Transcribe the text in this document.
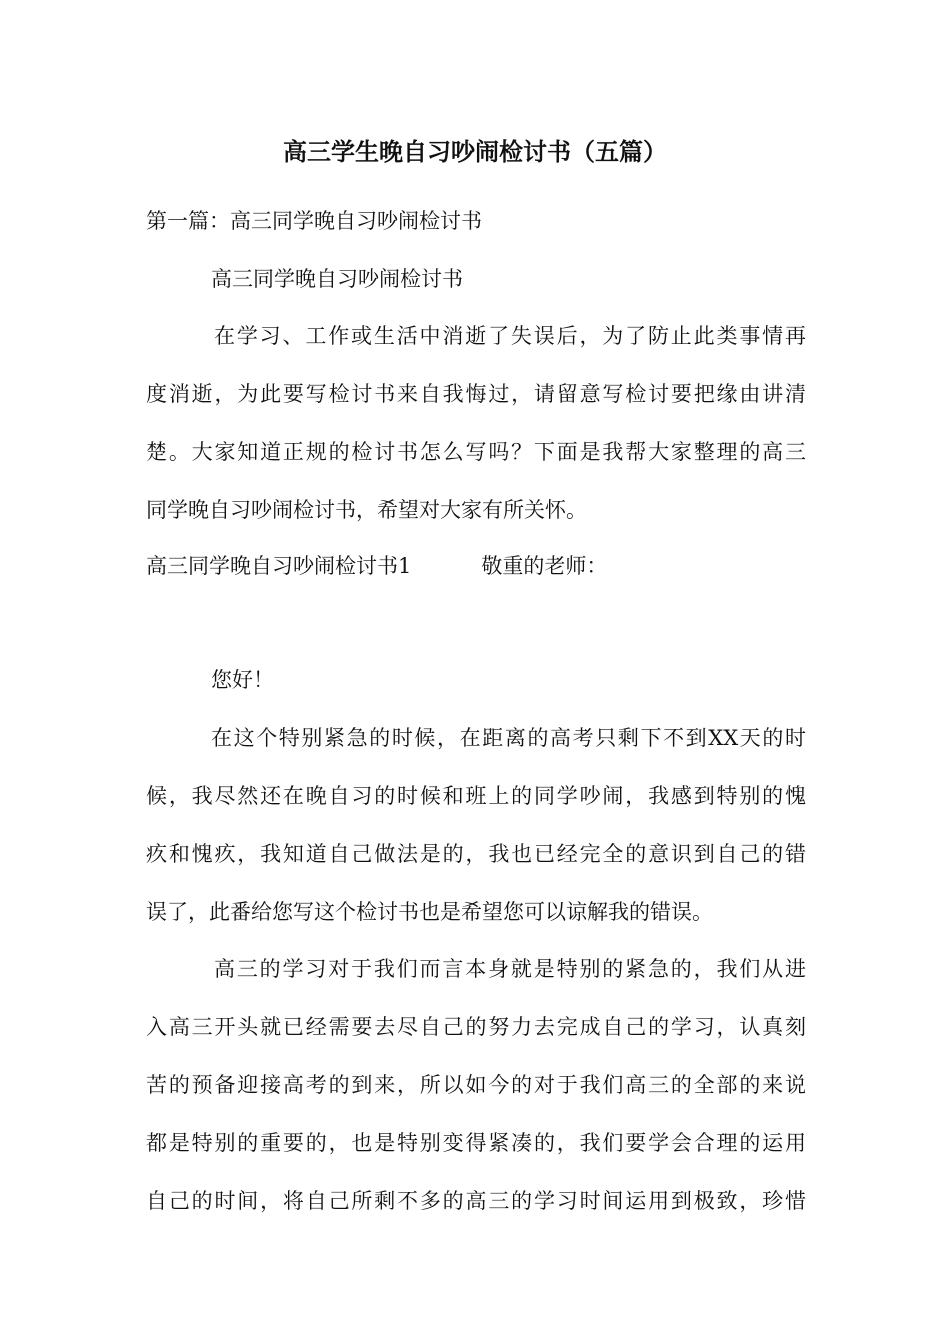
高三学生晚自习吵闹检讨书（五篇）
第一篇：高三同学晚自习吵闹检讨书
高三同学晚自习吵闹检讨书
在学习、工作或生活中消逝了失误后，为了防止此类事情再
度消逝，为此要写检讨书来自我悔过，请留意写检讨要把缘由讲清
楚。大家知道正规的检讨书怎么写吗？下面是我帮大家整理的高三
同学晚自习吵闹检讨书，希望对大家有所关怀。
高三同学晚自习吵闹检讨书1	敬重的老师：
您好！
在这个特别紧急的时候，在距离的高考只剩下不到XX天的时
候，我尽然还在晚自习的时候和班上的同学吵闹，我感到特别的愧
疚和愧疚，我知道自己做法是的，我也已经完全的意识到自己的错
误了，此番给您写这个检讨书也是希望您可以谅解我的错误。
高三的学习对于我们而言本身就是特别的紧急的，我们从进
入高三开头就已经需要去尽自己的努力去完成自己的学习，认真刻
苦的预备迎接高考的到来，所以如今的对于我们高三的全部的来说
都是特别的重要的，也是特别变得紧凑的，我们要学会合理的运用
自己的时间，将自己所剩不多的高三的学习时间运用到极致，珍惜
